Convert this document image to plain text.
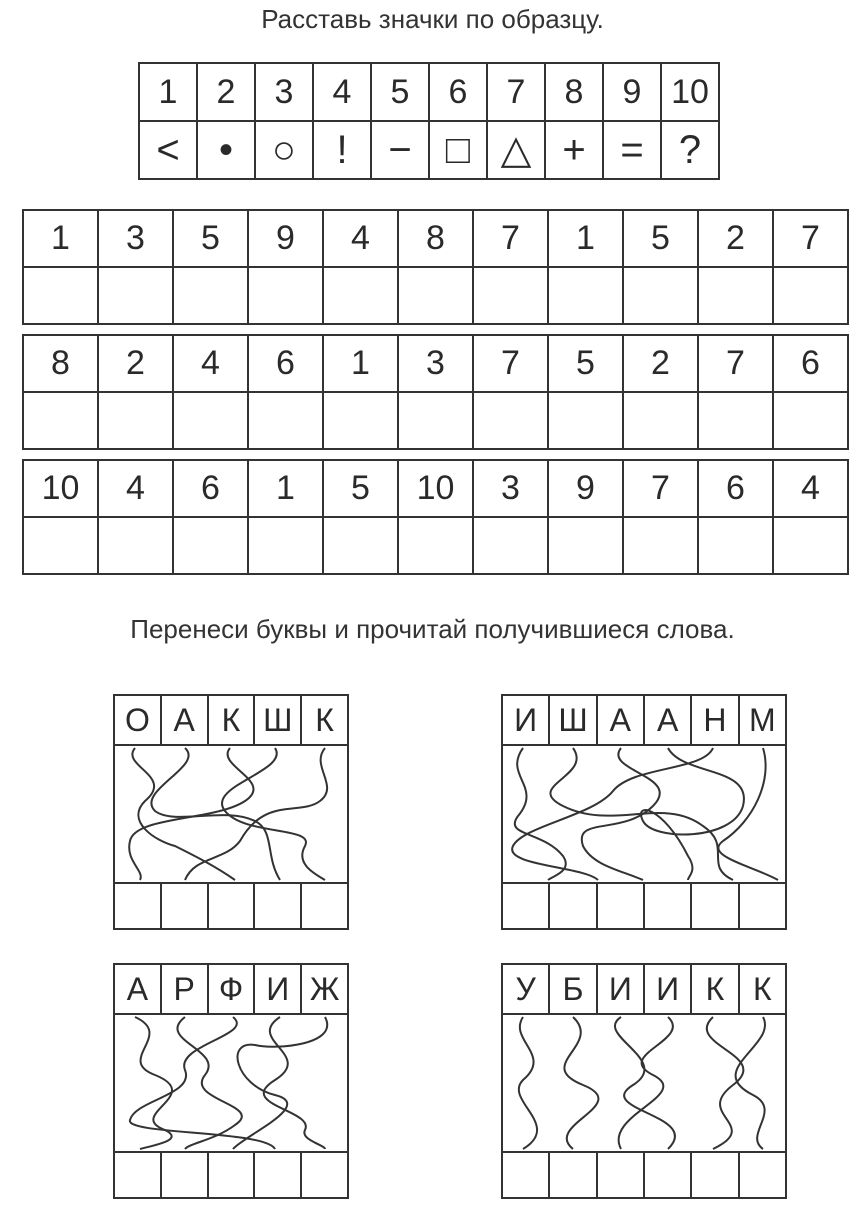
Расставь значки по образцу.
1	2	3	4	5	6	7	8	9	10
<	•	○	!	−	□	△	+	=	?
1	3	5	9	4	8	7	1	5	2	7

8	2	4	6	1	3	7	5	2	7	6

10	4	6	1	5	10	3	9	7	6	4

Перенеси буквы и прочитай получившиеся слова.
О А К Ш К	И Ш А А Н М
А Р Ф И Ж	У Б И И К К
